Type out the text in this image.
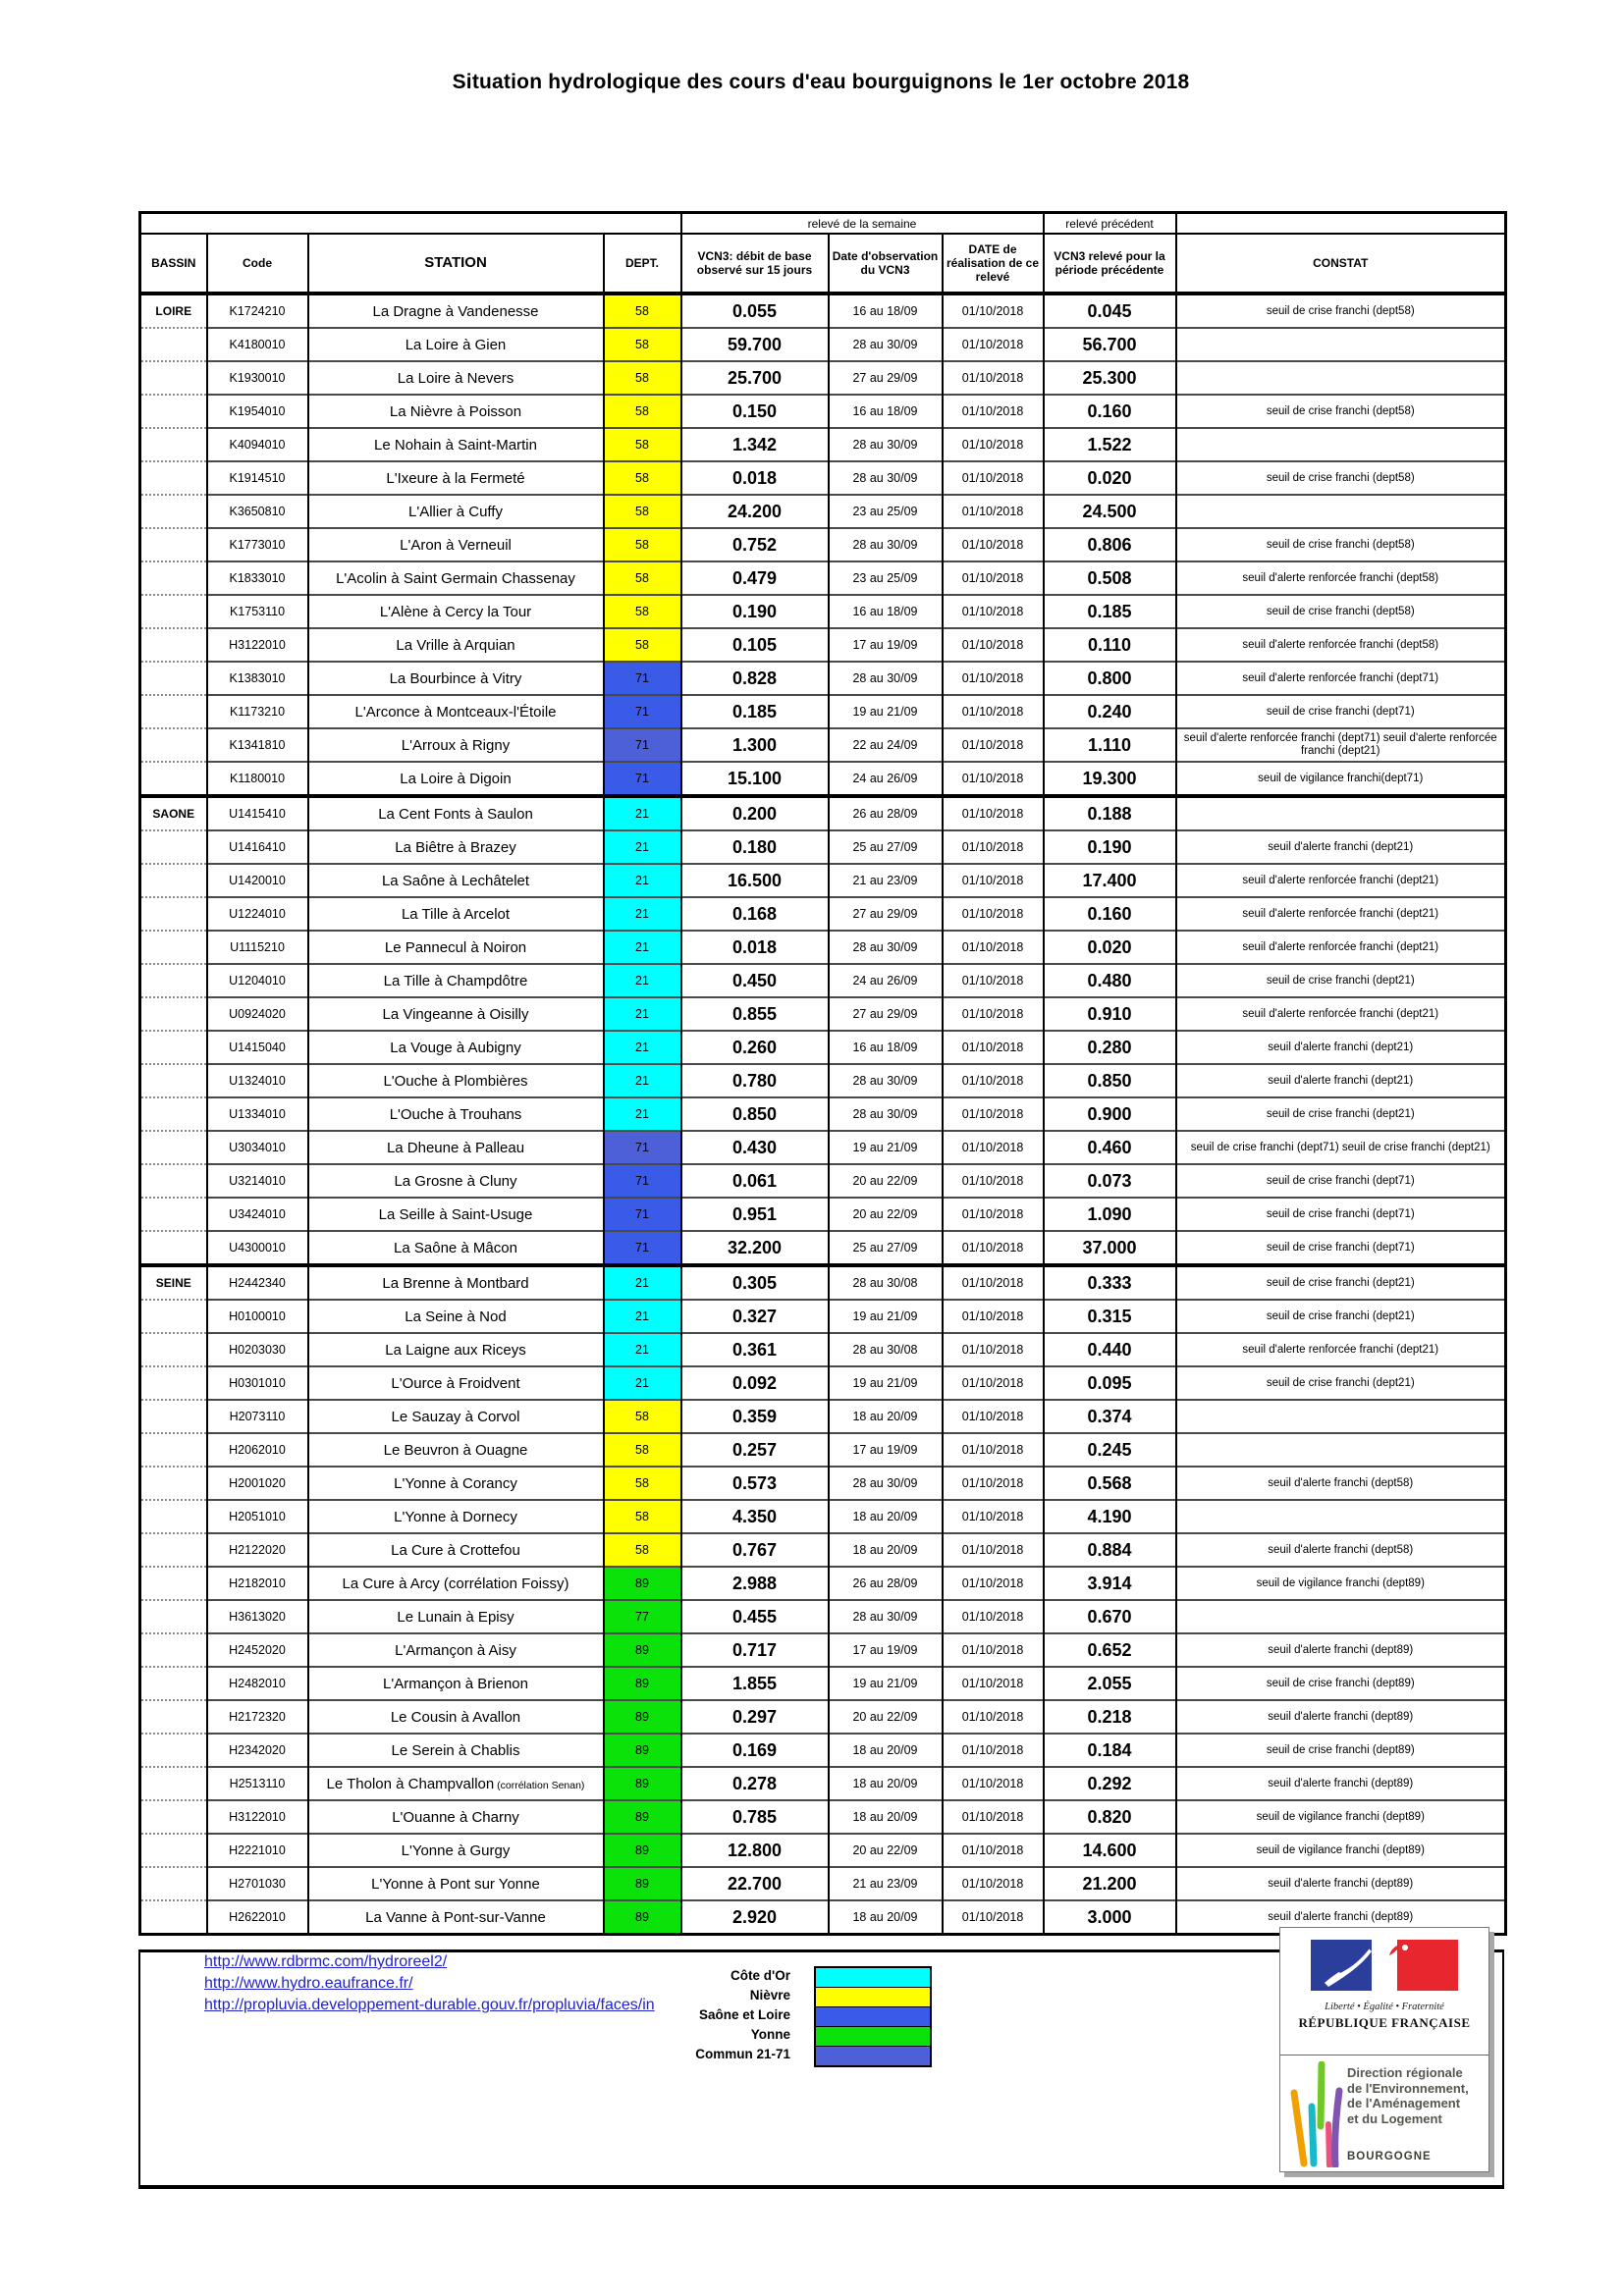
Situation hydrologique des cours d'eau bourguignons le 1er octobre 2018
				relevé de la semaine			relevé précédent	
BASSIN	Code	STATION	DEPT.	VCN3: débit de base observé sur 15 jours	Date d'observation du VCN3	DATE de réalisation de ce relevé	VCN3 relevé pour la période précédente	CONSTAT
LOIRE	K1724210	La Dragne à Vandenesse	58	0.055	16 au 18/09	01/10/2018	0.045	seuil de crise franchi (dept58)
	K4180010	La Loire à Gien	58	59.700	28 au 30/09	01/10/2018	56.700	
	K1930010	La Loire à Nevers	58	25.700	27 au 29/09	01/10/2018	25.300	
	K1954010	La Nièvre à Poisson	58	0.150	16 au 18/09	01/10/2018	0.160	seuil de crise franchi (dept58)
	K4094010	Le Nohain à Saint-Martin	58	1.342	28 au 30/09	01/10/2018	1.522	
	K1914510	L'Ixeure à la Fermeté	58	0.018	28 au 30/09	01/10/2018	0.020	seuil de crise franchi (dept58)
	K3650810	L'Allier à Cuffy	58	24.200	23 au 25/09	01/10/2018	24.500	
	K1773010	L'Aron à Verneuil	58	0.752	28 au 30/09	01/10/2018	0.806	seuil de crise franchi (dept58)
	K1833010	L'Acolin à Saint Germain Chassenay	58	0.479	23 au 25/09	01/10/2018	0.508	seuil d'alerte renforcée franchi (dept58)
	K1753110	L'Alène à Cercy la Tour	58	0.190	16 au 18/09	01/10/2018	0.185	seuil de crise franchi (dept58)
	H3122010	La Vrille à Arquian	58	0.105	17 au 19/09	01/10/2018	0.110	seuil d'alerte renforcée franchi (dept58)
	K1383010	La Bourbince à Vitry	71	0.828	28 au 30/09	01/10/2018	0.800	seuil d'alerte renforcée franchi (dept71)
	K1173210	L'Arconce à Montceaux-l'Étoile	71	0.185	19 au 21/09	01/10/2018	0.240	seuil de crise franchi (dept71)
	K1341810	L'Arroux à Rigny	71	1.300	22 au 24/09	01/10/2018	1.110	seuil d'alerte renforcée franchi (dept71) seuil d'alerte renforcée franchi (dept21)
	K1180010	La Loire à Digoin	71	15.100	24 au 26/09	01/10/2018	19.300	seuil de vigilance franchi(dept71)
SAONE	U1415410	La Cent Fonts à Saulon	21	0.200	26 au 28/09	01/10/2018	0.188	
	U1416410	La Biêtre à Brazey	21	0.180	25 au 27/09	01/10/2018	0.190	seuil d'alerte franchi (dept21)
	U1420010	La Saône à Lechâtelet	21	16.500	21 au 23/09	01/10/2018	17.400	seuil d'alerte renforcée franchi (dept21)
	U1224010	La Tille à Arcelot	21	0.168	27 au 29/09	01/10/2018	0.160	seuil d'alerte renforcée franchi (dept21)
	U1115210	Le Pannecul à Noiron	21	0.018	28 au 30/09	01/10/2018	0.020	seuil d'alerte renforcée franchi (dept21)
	U1204010	La Tille à Champdôtre	21	0.450	24 au 26/09	01/10/2018	0.480	seuil de crise franchi (dept21)
	U0924020	La Vingeanne à Oisilly	21	0.855	27 au 29/09	01/10/2018	0.910	seuil d'alerte renforcée franchi (dept21)
	U1415040	La Vouge à Aubigny	21	0.260	16 au 18/09	01/10/2018	0.280	seuil d'alerte franchi (dept21)
	U1324010	L'Ouche à Plombières	21	0.780	28 au 30/09	01/10/2018	0.850	seuil d'alerte franchi (dept21)
	U1334010	L'Ouche à Trouhans	21	0.850	28 au 30/09	01/10/2018	0.900	seuil de crise franchi (dept21)
	U3034010	La Dheune à Palleau	71	0.430	19 au 21/09	01/10/2018	0.460	seuil de crise franchi (dept71) seuil de crise franchi (dept21)
	U3214010	La Grosne à Cluny	71	0.061	20 au 22/09	01/10/2018	0.073	seuil de crise franchi (dept71)
	U3424010	La Seille à Saint-Usuge	71	0.951	20 au 22/09	01/10/2018	1.090	seuil de crise franchi (dept71)
	U4300010	La Saône à Mâcon	71	32.200	25 au 27/09	01/10/2018	37.000	seuil de crise franchi (dept71)
SEINE	H2442340	La Brenne à Montbard	21	0.305	28 au 30/08	01/10/2018	0.333	seuil de crise franchi (dept21)
	H0100010	La Seine à Nod	21	0.327	19 au 21/09	01/10/2018	0.315	seuil de crise franchi (dept21)
	H0203030	La Laigne aux Riceys	21	0.361	28 au 30/08	01/10/2018	0.440	seuil d'alerte renforcée franchi (dept21)
	H0301010	L'Ource à Froidvent	21	0.092	19 au 21/09	01/10/2018	0.095	seuil de crise franchi (dept21)
	H2073110	Le Sauzay à Corvol	58	0.359	18 au 20/09	01/10/2018	0.374	
	H2062010	Le Beuvron à Ouagne	58	0.257	17 au 19/09	01/10/2018	0.245	
	H2001020	L'Yonne à Corancy	58	0.573	28 au 30/09	01/10/2018	0.568	seuil d'alerte franchi (dept58)
	H2051010	L'Yonne à Dornecy	58	4.350	18 au 20/09	01/10/2018	4.190	
	H2122020	La Cure à Crottefou	58	0.767	18 au 20/09	01/10/2018	0.884	seuil d'alerte franchi (dept58)
	H2182010	La Cure à Arcy (corrélation Foissy)	89	2.988	26 au 28/09	01/10/2018	3.914	seuil de vigilance franchi (dept89)
	H3613020	Le Lunain à Episy	77	0.455	28 au 30/09	01/10/2018	0.670	
	H2452020	L'Armançon à Aisy	89	0.717	17 au 19/09	01/10/2018	0.652	seuil d'alerte franchi (dept89)
	H2482010	L'Armançon à Brienon	89	1.855	19 au 21/09	01/10/2018	2.055	seuil de crise franchi (dept89)
	H2172320	Le Cousin à Avallon	89	0.297	20 au 22/09	01/10/2018	0.218	seuil d'alerte franchi (dept89)
	H2342020	Le Serein à Chablis	89	0.169	18 au 20/09	01/10/2018	0.184	seuil de crise franchi (dept89)
	H2513110	Le Tholon à Champvallon (corrélation Senan)	89	0.278	18 au 20/09	01/10/2018	0.292	seuil d'alerte franchi (dept89)
	H3122010	L'Ouanne à Charny	89	0.785	18 au 20/09	01/10/2018	0.820	seuil de vigilance franchi (dept89)
	H2221010	L'Yonne à Gurgy	89	12.800	20 au 22/09	01/10/2018	14.600	seuil de vigilance franchi (dept89)
	H2701030	L'Yonne à Pont sur Yonne	89	22.700	21 au 23/09	01/10/2018	21.200	seuil d'alerte franchi (dept89)
	H2622010	La Vanne à Pont-sur-Vanne	89	2.920	18 au 20/09	01/10/2018	3.000	seuil d'alerte franchi (dept89)
http://www.rdbrmc.com/hydroreel2/
http://www.hydro.eaufrance.fr/
http://propluvia.developpement-durable.gouv.fr/propluvia/faces/in
Côte d'Or
Nièvre
Saône et Loire
Yonne
Commun 21-71
Liberté • Égalité • Fraternité
RÉPUBLIQUE FRANÇAISE
Direction régionale
de l'Environnement,
de l'Aménagement
et du Logement
BOURGOGNE
